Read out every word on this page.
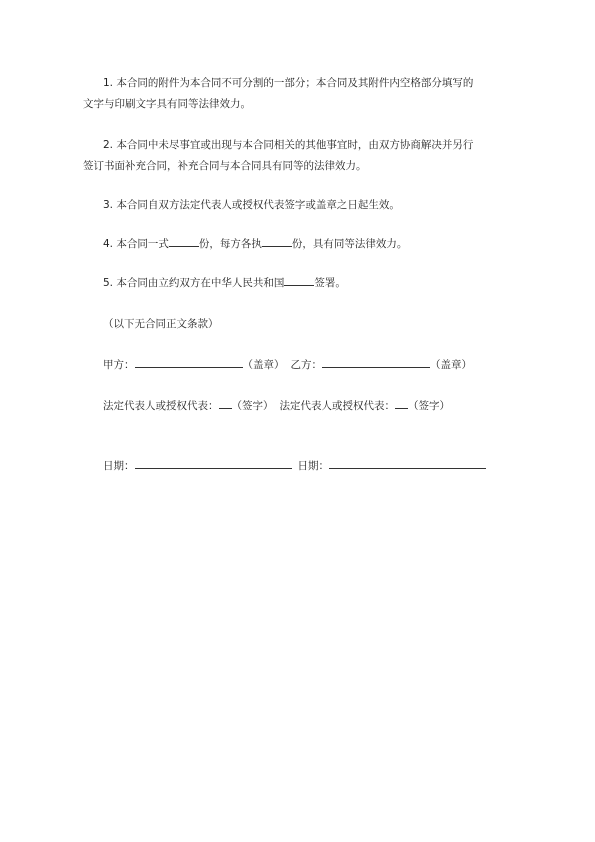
1. 本合同的附件为本合同不可分割的一部分；本合同及其附件内空格部分填写的
文字与印刷文字具有同等法律效力。
2. 本合同中未尽事宜或出现与本合同相关的其他事宜时，由双方协商解决并另行
签订书面补充合同，补充合同与本合同具有同等的法律效力。
3. 本合同自双方法定代表人或授权代表签字或盖章之日起生效。
4. 本合同一式	份，每方各执	份，具有同等法律效力。
5. 本合同由立约双方在中华人民共和国	签署。
（以下无合同正文条款）
甲方：	（盖章） 乙方：	（盖章）
法定代表人或授权代表： （签字） 法定代表人或授权代表： （签字）
日期：	日期：
